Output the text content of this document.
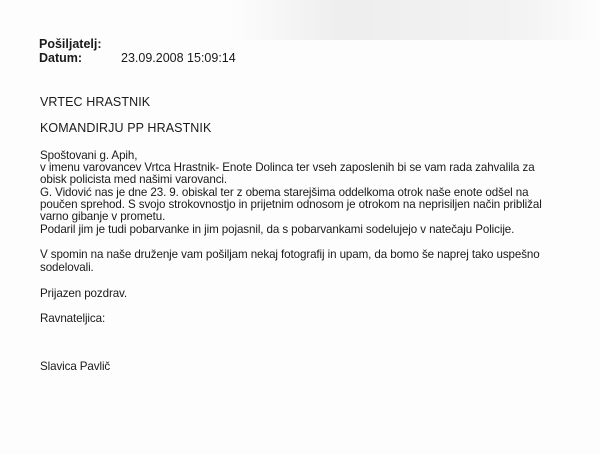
Pošiljatelj:
Datum:	23.09.2008 15:09:14
VRTEC HRASTNIK
KOMANDIRJU PP HRASTNIK
Spoštovani g. Apih,
v imenu varovancev Vrtca Hrastnik- Enote Dolinca ter vseh zaposlenih bi se vam rada zahvalila za
obisk policista med našimi varovanci.
G. Vidović nas je dne 23. 9. obiskal ter z obema starejšima oddelkoma otrok naše enote odšel na
poučen sprehod. S svojo strokovnostjo in prijetnim odnosom je otrokom na neprisiljen način približal
varno gibanje v prometu.
Podaril jim je tudi pobarvanke in jim pojasnil, da s pobarvankami sodelujejo v natečaju Policije.
V spomin na naše druženje vam pošiljam nekaj fotografij in upam, da bomo še naprej tako uspešno
sodelovali.
Prijazen pozdrav.
Ravnateljica:
Slavica Pavlič
